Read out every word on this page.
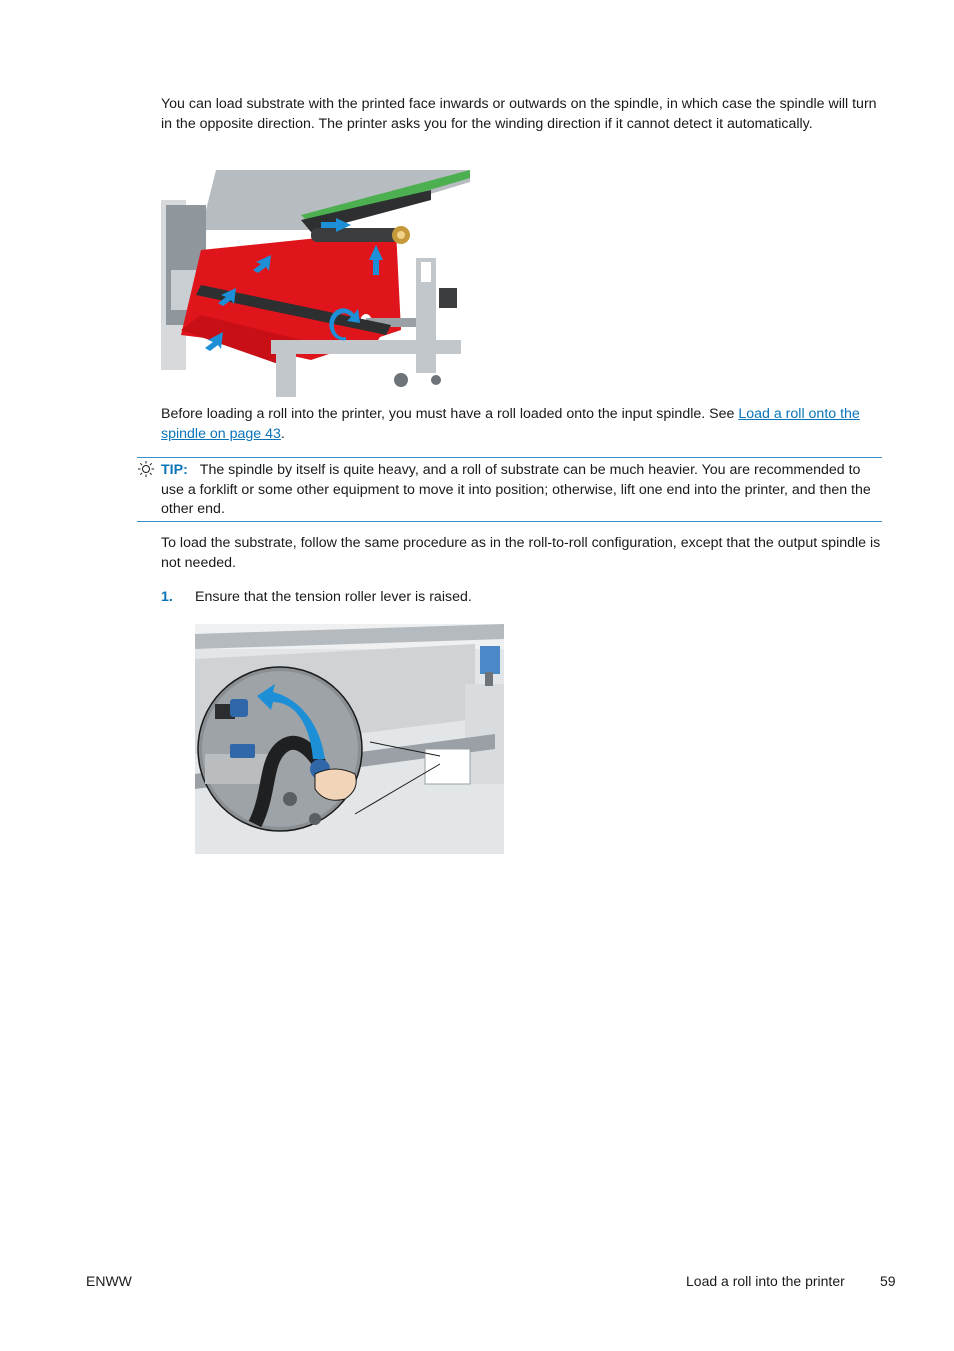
You can load substrate with the printed face inwards or outwards on the spindle, in which case the spindle will turn in the opposite direction. The printer asks you for the winding direction if it cannot detect it automatically.

Before loading a roll into the printer, you must have a roll loaded onto the input spindle. See Load a roll onto the spindle on page 43.

TIP: The spindle by itself is quite heavy, and a roll of substrate can be much heavier. You are recommended to use a forklift or some other equipment to move it into position; otherwise, lift one end into the printer, and then the other end.

To load the substrate, follow the same procedure as in the roll-to-roll configuration, except that the output spindle is not needed.

1. Ensure that the tension roller lever is raised.
ENWW	Load a roll into the printer	59
